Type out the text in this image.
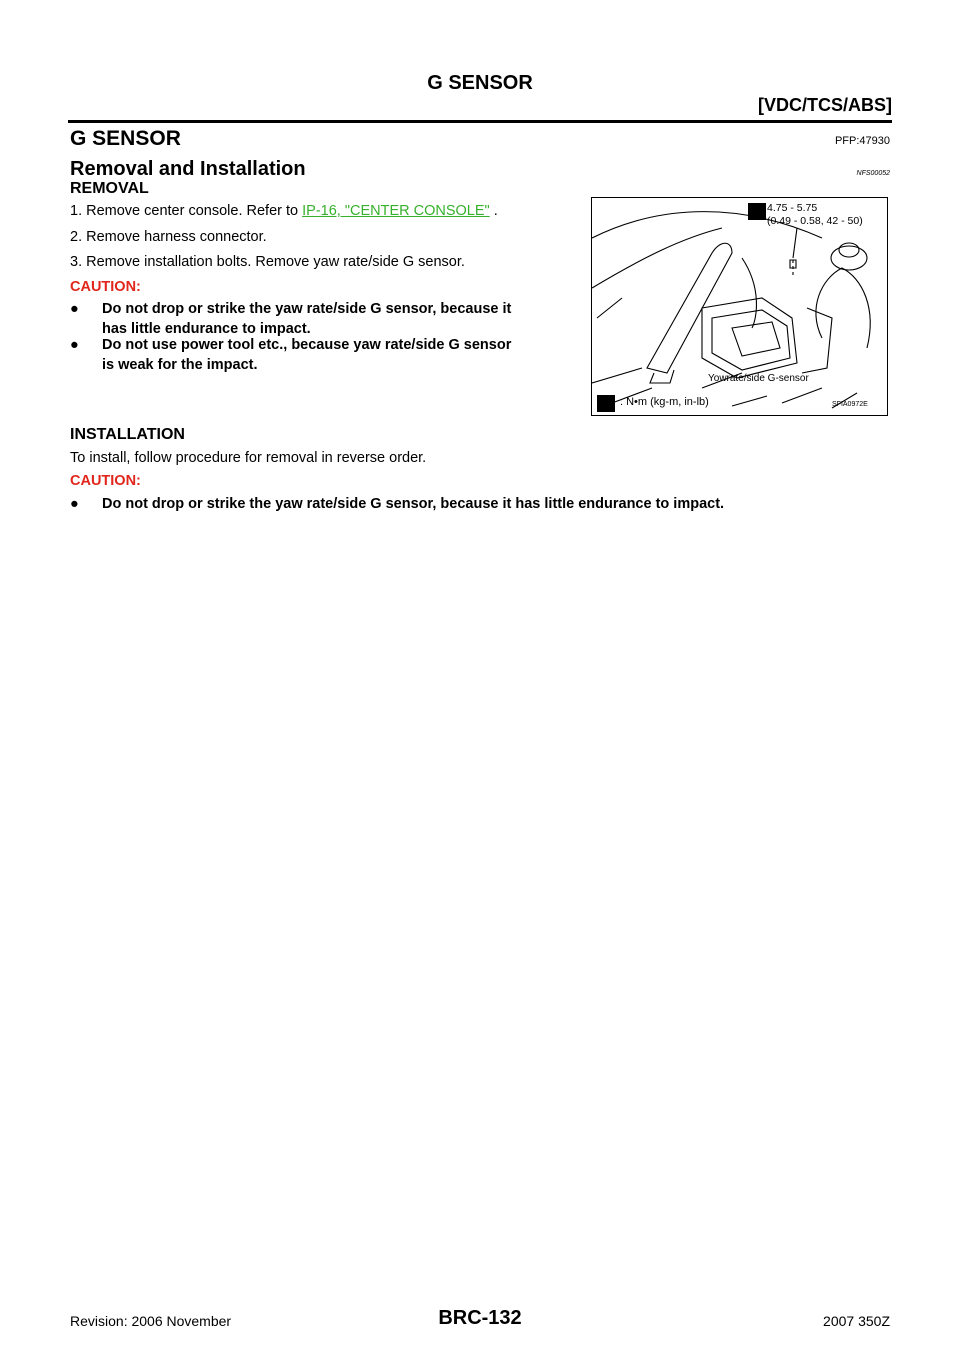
G SENSOR
[VDC/TCS/ABS]
G SENSOR	PFP:47930
Removal and Installation	NFS00052
REMOVAL
1. Remove center console. Refer to IP-16, "CENTER CONSOLE" .
2. Remove harness connector.
3. Remove installation bolts. Remove yaw rate/side G sensor.
CAUTION:
● Do not drop or strike the yaw rate/side G sensor, because it
has little endurance to impact.
● Do not use power tool etc., because yaw rate/side G sensor
is weak for the impact.
4.75 - 5.75
(0.49 - 0.58, 42 - 50)
Yowrate/side G-sensor
: N•m (kg-m, in-lb)	SFIA0972E
INSTALLATION
To install, follow procedure for removal in reverse order.
CAUTION:
● Do not drop or strike the yaw rate/side G sensor, because it has little endurance to impact.
Revision: 2006 November	BRC-132	2007 350Z
